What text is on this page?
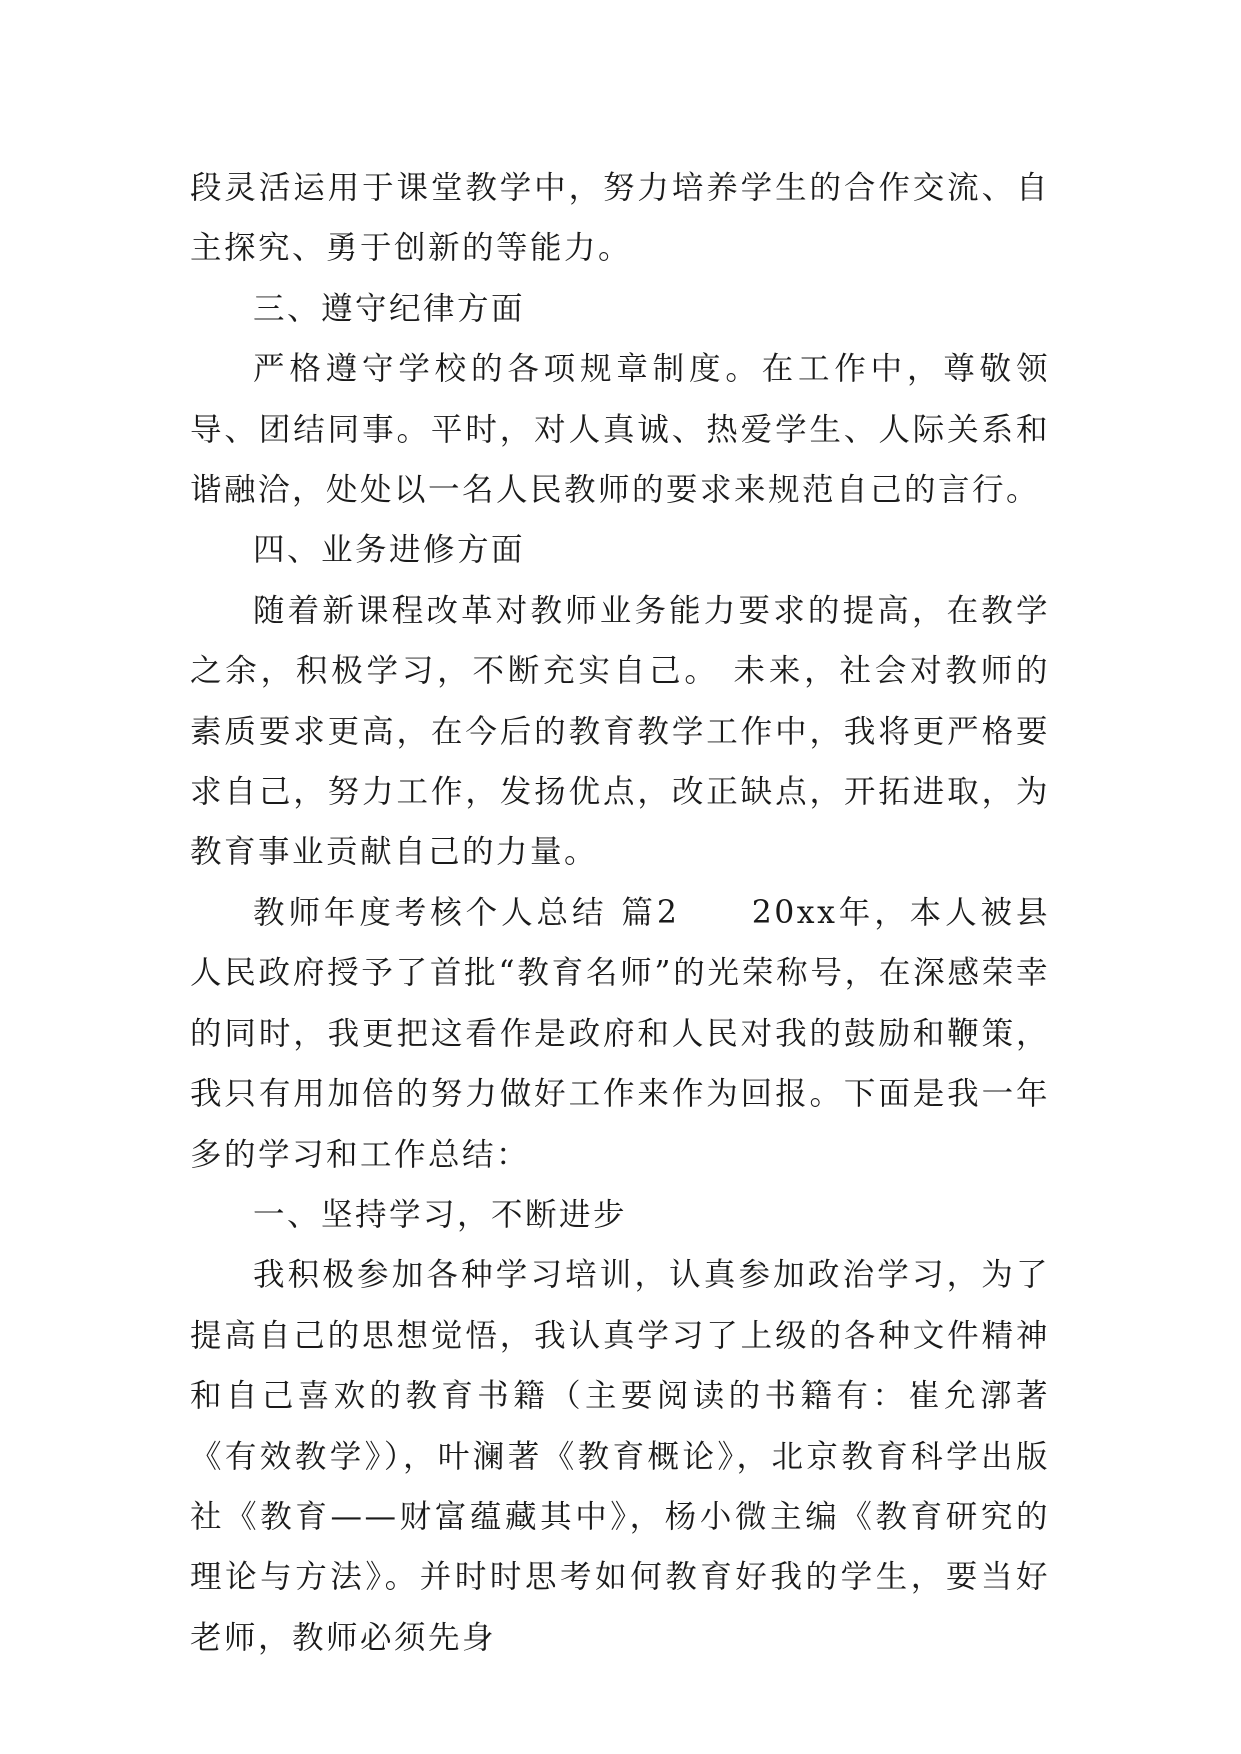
段灵活运用于课堂教学中，努力培养学生的合作交流、自主探究、勇于创新的等能力。

三、遵守纪律方面

严格遵守学校的各项规章制度。在工作中，尊敬领导、团结同事。平时，对人真诚、热爱学生、人际关系和谐融洽，处处以一名人民教师的要求来规范自己的言行。

四、业务进修方面

随着新课程改革对教师业务能力要求的提高，在教学之余，积极学习，不断充实自己。 未来，社会对教师的素质要求更高，在今后的教育教学工作中，我将更严格要求自己，努力工作，发扬优点，改正缺点，开拓进取，为教育事业贡献自己的力量。

教师年度考核个人总结 篇2　　20xx年，本人被县人民政府授予了首批“教育名师”的光荣称号，在深感荣幸的同时，我更把这看作是政府和人民对我的鼓励和鞭策，我只有用加倍的努力做好工作来作为回报。下面是我一年多的学习和工作总结：

一、坚持学习，不断进步

我积极参加各种学习培训，认真参加政治学习，为了提高自己的思想觉悟，我认真学习了上级的各种文件精神和自己喜欢的教育书籍（主要阅读的书籍有：崔允漷著《有效教学》），叶澜著《教育概论》，北京教育科学出版社《教育——财富蕴藏其中》，杨小微主编《教育研究的理论与方法》。并时时思考如何教育好我的学生，要当好老师，教师必须先身
